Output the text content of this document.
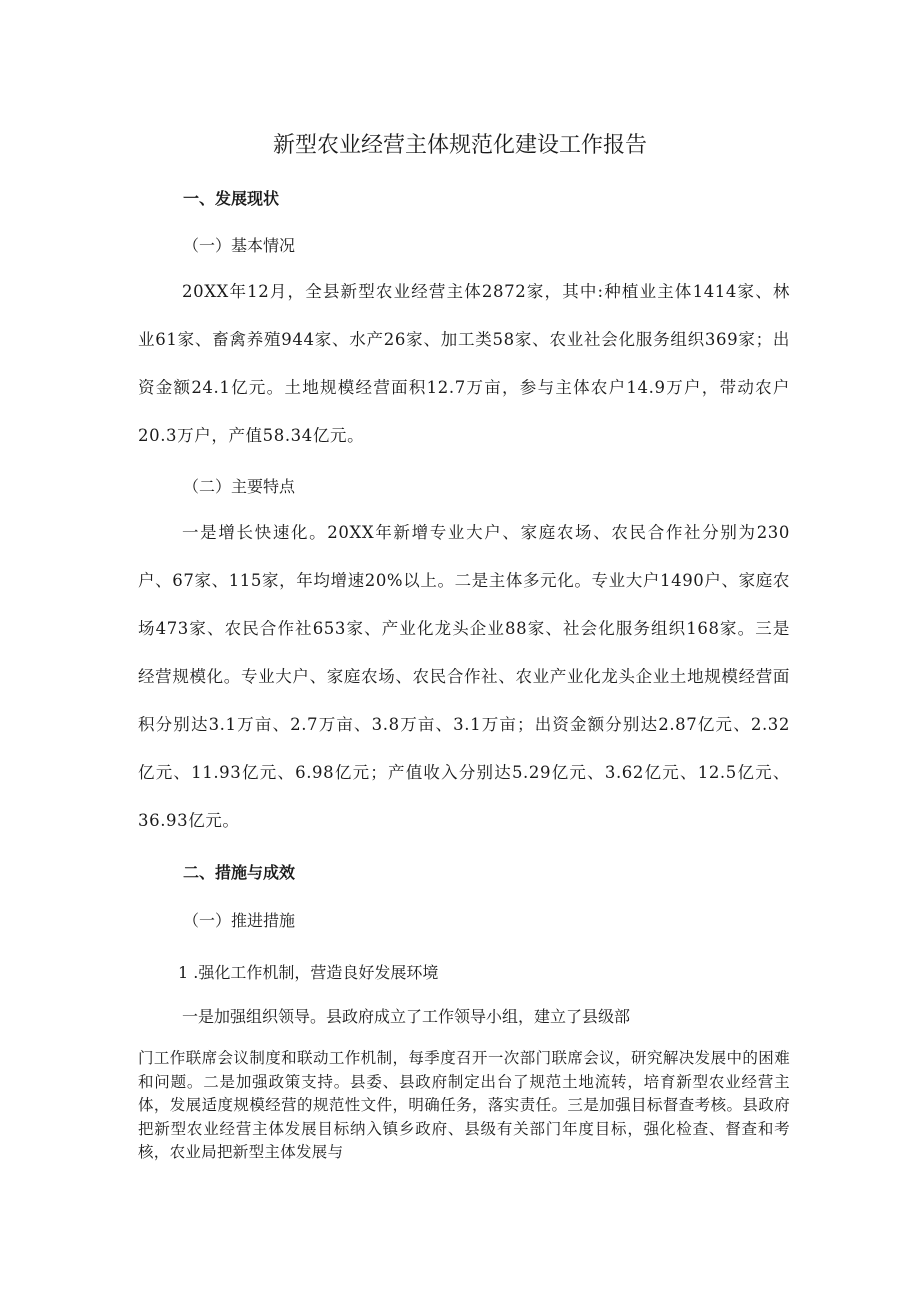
新型农业经营主体规范化建设工作报告
一、发展现状
（一）基本情况
20XX年12月，全县新型农业经营主体2872家，其中:种植业主体1414家、林业61家、畜禽养殖944家、水产26家、加工类58家、农业社会化服务组织369家；出资金额24.1亿元。土地规模经营面积12.7万亩，参与主体农户14.9万户，带动农户20.3万户，产值58.34亿元。
（二）主要特点
一是增长快速化。20XX年新增专业大户、家庭农场、农民合作社分别为230户、67家、115家，年均增速20%以上。二是主体多元化。专业大户1490户、家庭农场473家、农民合作社653家、产业化龙头企业88家、社会化服务组织168家。三是经营规模化。专业大户、家庭农场、农民合作社、农业产业化龙头企业土地规模经营面积分别达3.1万亩、2.7万亩、3.8万亩、3.1万亩；出资金额分别达2.87亿元、2.32亿元、11.93亿元、6.98亿元；产值收入分别达5.29亿元、3.62亿元、12.5亿元、36.93亿元。
二、措施与成效
（一）推进措施
1 .强化工作机制，营造良好发展环境
一是加强组织领导。县政府成立了工作领导小组，建立了县级部
门工作联席会议制度和联动工作机制，每季度召开一次部门联席会议，研究解决发展中的困难和问题。二是加强政策支持。县委、县政府制定出台了规范土地流转，培育新型农业经营主体，发展适度规模经营的规范性文件，明确任务，落实责任。三是加强目标督查考核。县政府把新型农业经营主体发展目标纳入镇乡政府、县级有关部门年度目标，强化检查、督查和考核，农业局把新型主体发展与
